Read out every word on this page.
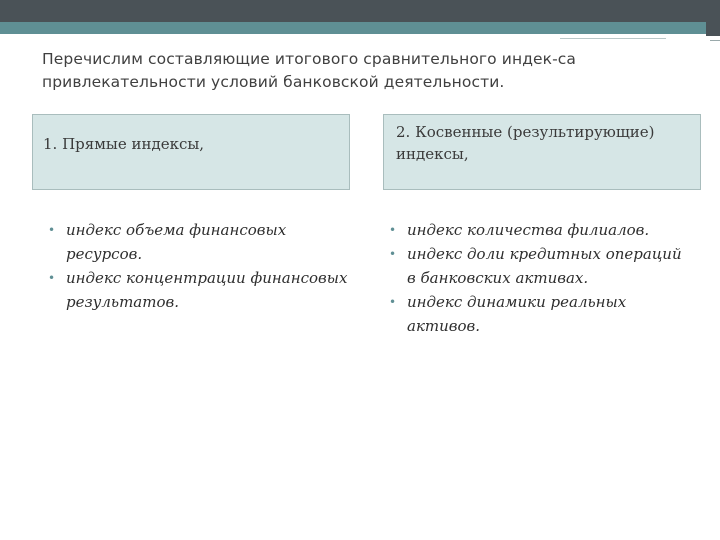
Перечислим составляющие итогового сравнительного индек-са привлекательности условий банковской деятельности.

1. Прямые индексы,
2. Косвенные (результирующие) индексы,
• индекс объема финансовых ресурсов.
• индекс концентрации финансовых результатов.
• индекс количества филиалов.
• индекс доли кредитных операций в банковских активах.
• индекс динамики реальных активов.
